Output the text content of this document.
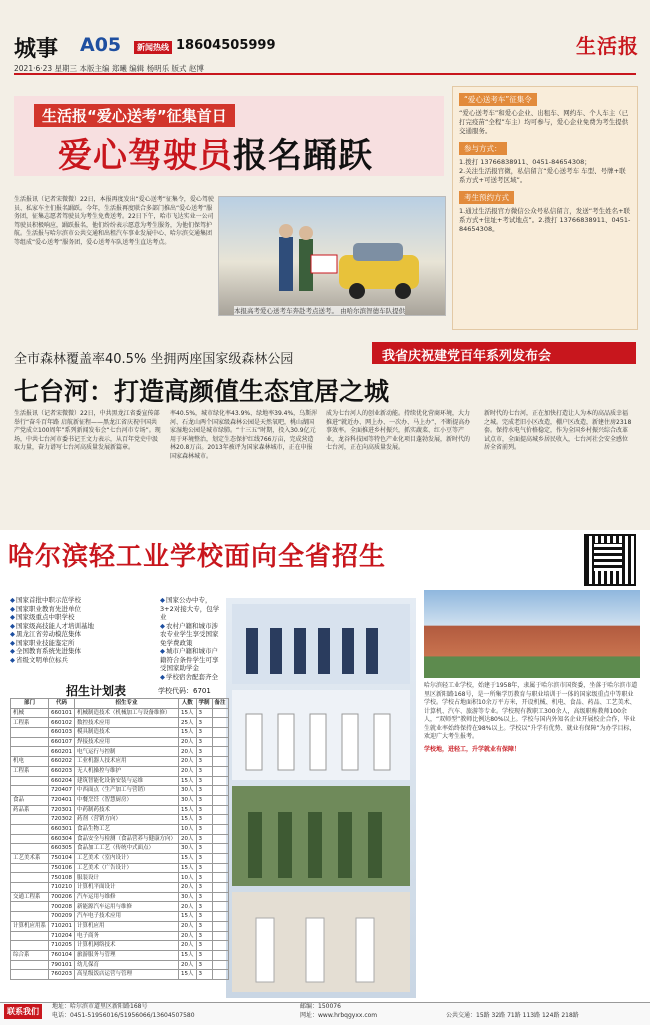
城事 A05	新闻热线 18604505999	生活报
2021·6·23 星期三 本版主编 郑曦 编辑 杨明乐 版式 赵博
生活报“爱心送考”征集首日
爱心驾驶员报名踊跃
生活报讯（记者宋微微）22日，本报再度发出“爱心送考”征集令，爱心驾驶员、私家车主们报名踊跃。今年，生活报再度联合多部门推出“爱心送考”服务团，征集志愿者驾驶员为考生免费送考。22日下午，哈市飞达实业一公司驾驶员积极响应，踊跃报名，他们纷纷表示愿意为考生服务，为他们保驾护航。生活报与哈尔滨市公共交通和出租汽车事业发展中心、哈尔滨交通集团等组成“爱心送考”服务团，爱心送考车队送考生直达考点。
本报高考爱心送考车奔赴考点送考。 由哈尔滨智德车队提供
“爱心送考车”征集令
“爱心送考车”和爱心企业、出租车、网约车、个人车主（已打完疫苗“全程”车主）均可参与，爱心企业免费为考生提供交通服务。
参与方式：
1.拨打 13766838911、0451-84654308；
2.关注生活报官微，私信留言“爱心送考车 车型、号牌+联系方式+可送考区域”。
考生预约方式
1.通过生活报官方微信公众号私信留言，发送“考生姓名+联系方式+住址+考试地点”。2.拨打 13766838911、0451-84654308。
全市森林覆盖率40.5% 坐拥两座国家级森林公园	我省庆祝建党百年系列发布会
七台河：打造高颜值生态宜居之城
生活报讯（记者宋微微）22日，中共黑龙江省委宣传部举行“奋斗百年路 启航新征程——黑龙江省庆祝中国共产党成立100周年”系列新闻发布会“七台河市专场”。现场，中共七台河市委书记王文力表示，从百年党史中汲取力量，奋力谱写七台河高质量发展新篇章。
率40.5%，城市绿化率43.9%、绿地率39.4%，乌斯浑河、石龙山两个国家级森林公园是天然氧吧，桃山湖国家湿地公园是城市绿肺。“十三五”时期，投入30.9亿元用于环境整治，划定生态保护红线766万亩，完成营造林20.8万亩。2013年被评为国家森林城市，正在申报国家森林城市。
成为七台河人的创业新动能。持续优化营商环境，大力推进“就近办、网上办、一次办、马上办”，不断提高办事效率。全面推进乡村振兴，抓实蔬菜、红小豆等产业，龙谷科技园等特色产业化项目蓬勃发展，新时代的七台河，正在向高质量发展。
新时代的七台河，正在加快打造让人为本的高品质幸福之城。完成老旧小区改造，棚户区改造，新建住房2318套。保持水电气价格稳定，作为全国乡村振兴综合改革试点市，全面提高城乡居民收入，七台河社会安全感位居全省前列。
哈尔滨轻工业学校面向全省招生
◆ 国家首批中职示范学校
◆ 国家职业教育先进单位
◆ 国家级重点中职学校
◆ 国家级高技能人才培训基地
◆ 黑龙江省劳动模范集体
◆ 国家职业技能鉴定所
◆ 全国教育系统先进集体
◆ 省级文明单位标兵
◆ 国家公办中专，3+2对接大专，包学业
◆ 农村户籍和城市涉农专业学生享受国家免学费政策
◆ 城市户籍和城市户籍符合条件学生可享受国家助学金
◆ 学校宿舍配套齐全
招生计划表	学校代码：6701
部门	代码	招生专业	人数	学制	备注
机械	660101	机械制造技术（机械加工与设备维修）	15人	3	
工程系	660102	数控技术应用	25人	3	
	660103	模具制造技术	15人	3	
	660107	焊接技术应用	20人	3	
	660201	电气运行与控制	20人	3	
机电	660202	工业机器人技术应用	20人	3	
工程系	660203	无人机操控与维护	20人	3	
	660204	建筑智能化设备安装与运维	15人	3	
	720407	中西面点（生产加工与营销）	30人	3	
食品	720401	中餐烹饪（智慧厨房）	30人	3	
药品系	720301	中药制药技术	15人	3	
	720302	药剂（营销方向）	15人	3	
	660301	食品生物工艺	10人	3	
	660304	食品安全与检测（食品营养与健康方向）	20人	3	
	660305	食品加工工艺（传统中式面点）	30人	3	
工艺美术系	750104	工艺美术（室内设计）	15人	3	
	750106	工艺美术（广告设计）	15人	3	
	750108	服装设计	10人	3	
	710210	计算机平面设计	20人	3	
交通工程系	700206	汽车运用与维修	30人	3	
	700208	新能源汽车运用与维修	20人	3	
	700209	汽车电子技术应用	15人	3	
计算机应用系	710201	计算机应用	20人	3	
	710204	电子商务	20人	3	
	710205	计算机网络技术	20人	3	
综合系	760104	旅游服务与管理	15人	3	
	790101	幼儿保育	20人	3	
	760203	高星级饭店运营与管理	15人	3	
哈尔滨轻工业学校，始建于1958年，隶属于哈尔滨市国资委，坐落于哈尔滨市道里区新阳路168号，是一所集学历教育与职业培训于一体的国家级重点中等职业学校。学校占地面积10余万平方米，开设机械、机电、食品、药品、工艺美术、计算机、汽车、旅游等专业。学校现有教职工300余人，高级职称教师100余人，“双师型”教师比例达80%以上。学校与国内外知名企业开展校企合作，毕业生就业率始终保持在98%以上。学校以“升学有优势、就业有保障”为办学目标，欢迎广大考生报考。
学校地，进轻工，升学就业有保障！
联系我们
地址：哈尔滨市道里区新阳路168号
电话：0451-51956016/51956066/13604507580
邮编：150076
网址：www.hrbqgyxx.com	公共交通：15路 32路 71路 113路 124路 218路
